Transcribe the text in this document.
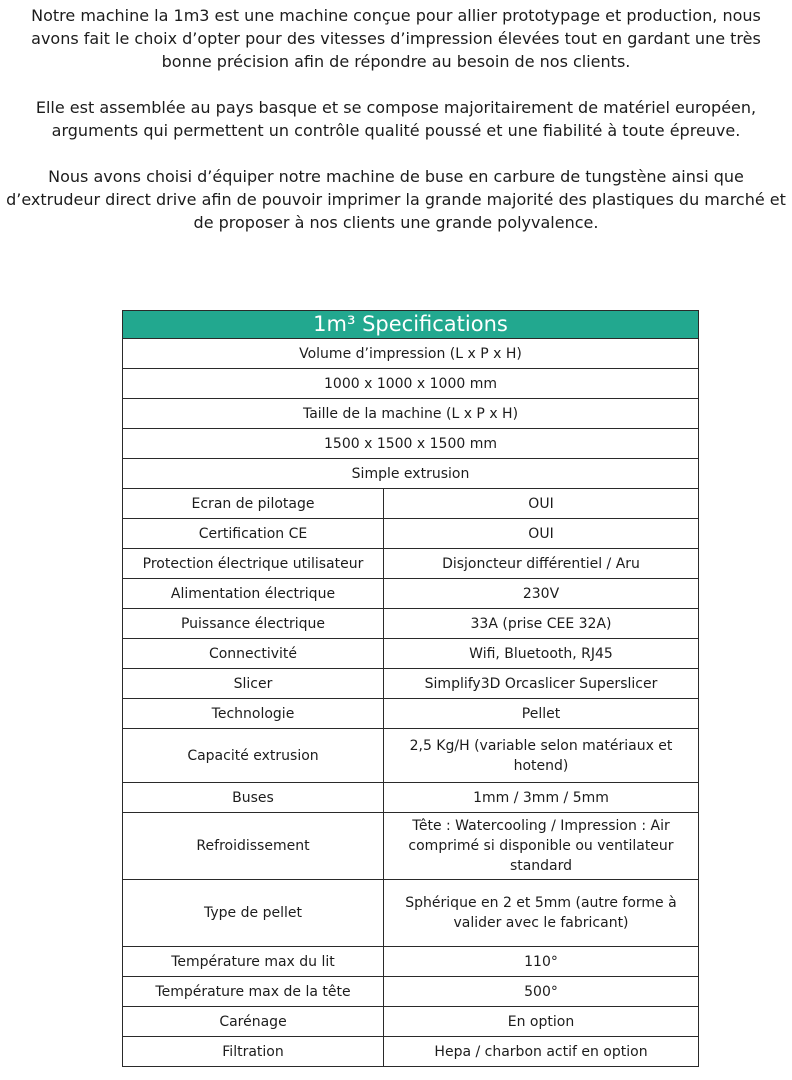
Notre machine la 1m3 est une machine conçue pour allier prototypage et production, nous avons fait le choix d’opter pour des vitesses d’impression élevées tout en gardant une très bonne précision afin de répondre au besoin de nos clients.

Elle est assemblée au pays basque et se compose majoritairement de matériel européen, arguments qui permettent un contrôle qualité poussé et une fiabilité à toute épreuve.

Nous avons choisi d’équiper notre machine de buse en carbure de tungstène ainsi que d’extrudeur direct drive afin de pouvoir imprimer la grande majorité des plastiques du marché et de proposer à nos clients une grande polyvalence.

1m³ Specifications	
Volume d’impression (L x P x H)	
1000 x 1000 x 1000 mm	
Taille de la machine (L x P x H)	
1500 x 1500 x 1500 mm	
Simple extrusion	
Ecran de pilotage	OUI
Certification CE	OUI
Protection électrique utilisateur	Disjoncteur différentiel / Aru
Alimentation électrique	230V
Puissance électrique	33A (prise CEE 32A)
Connectivité	Wifi, Bluetooth, RJ45
Slicer	Simplify3D Orcaslicer Superslicer
Technologie	Pellet
Capacité extrusion	2,5 Kg/H (variable selon matériaux et hotend)
Buses	1mm / 3mm / 5mm
Refroidissement	Tête : Watercooling / Impression : Air comprimé si disponible ou ventilateur standard
Type de pellet	Sphérique en 2 et 5mm (autre forme à valider avec le fabricant)
Température max du lit	110°
Température max de la tête	500°
Carénage	En option
Filtration	Hepa / charbon actif en option
